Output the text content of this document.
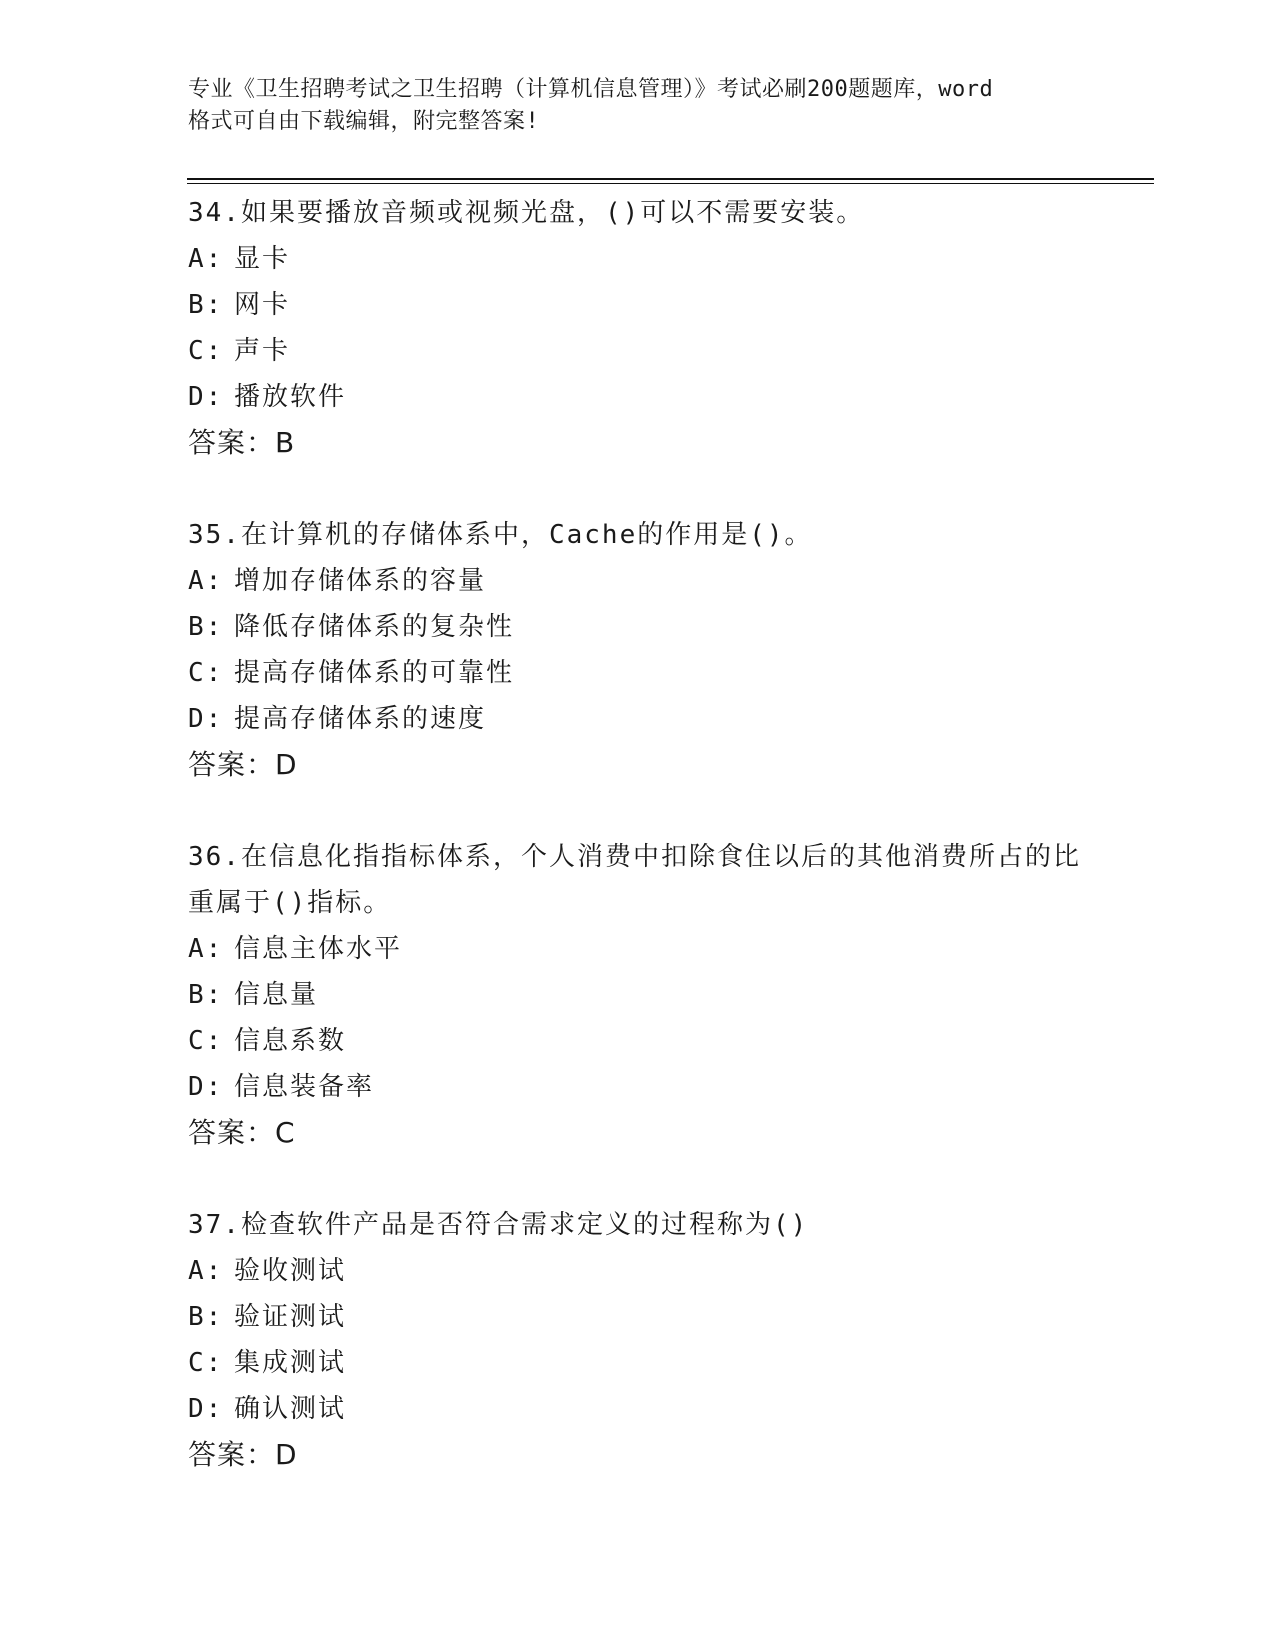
专业《卫生招聘考试之卫生招聘（计算机信息管理）》考试必刷200题题库，word
格式可自由下载编辑，附完整答案!
34.如果要播放音频或视频光盘，()可以不需要安装。
A: 显卡
B: 网卡
C: 声卡
D: 播放软件
答案：B
35.在计算机的存储体系中，Cache的作用是()。
A: 增加存储体系的容量
B: 降低存储体系的复杂性
C: 提高存储体系的可靠性
D: 提高存储体系的速度
答案：D
36.在信息化指指标体系，个人消费中扣除食住以后的其他消费所占的比重属于()指标。
A: 信息主体水平
B: 信息量
C: 信息系数
D: 信息装备率
答案：C
37.检查软件产品是否符合需求定义的过程称为()
A: 验收测试
B: 验证测试
C: 集成测试
D: 确认测试
答案：D
